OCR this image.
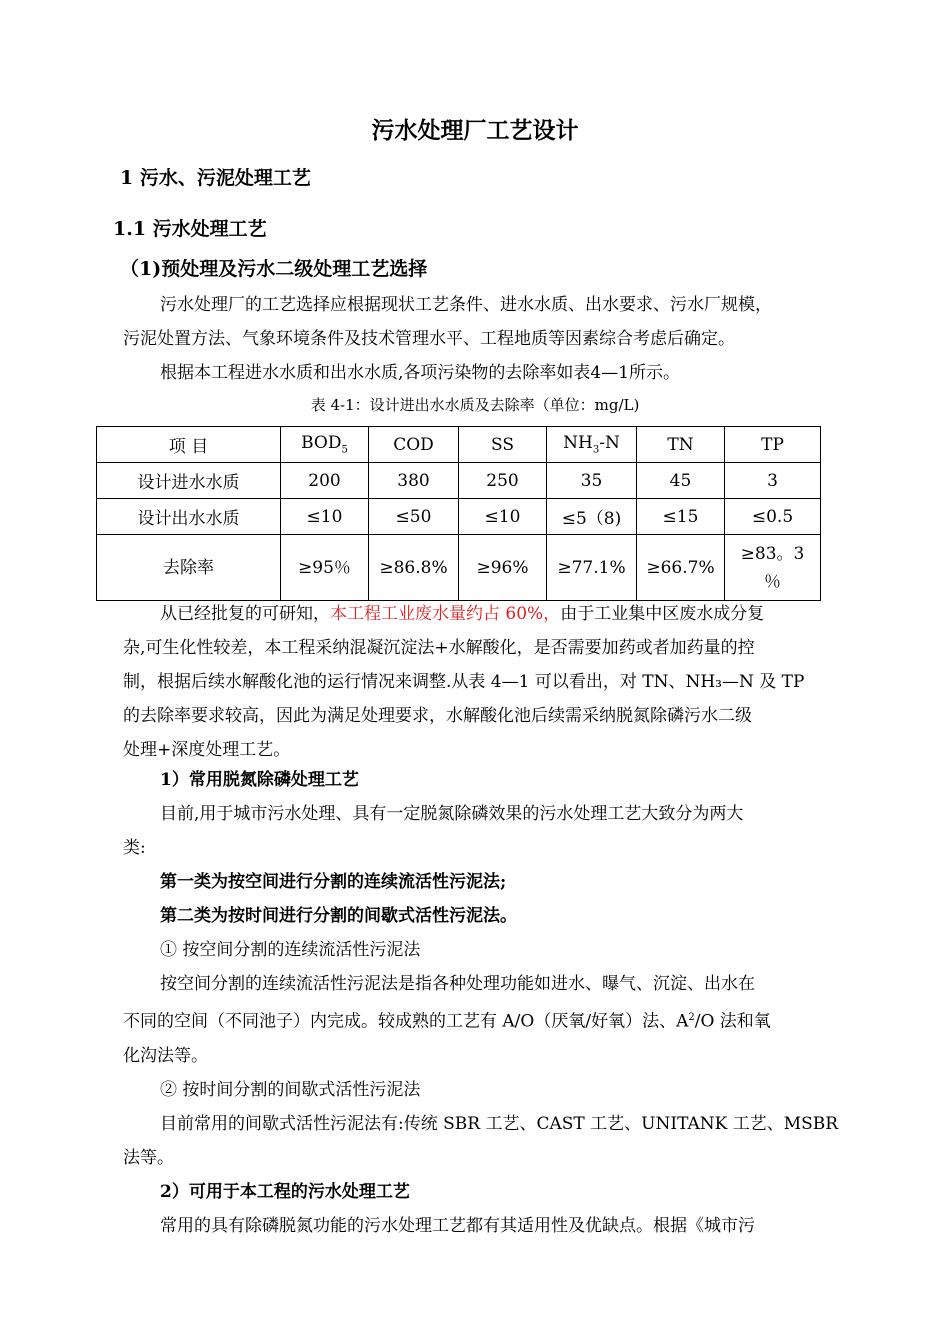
污水处理厂工艺设计
1 污水、污泥处理工艺
1.1 污水处理工艺
（1)预处理及污水二级处理工艺选择
污水处理厂的工艺选择应根据现状工艺条件、进水水质、出水要求、污水厂规模，
污泥处置方法、气象环境条件及技术管理水平、工程地质等因素综合考虑后确定。
根据本工程进水水质和出水水质,各项污染物的去除率如表4—1所示。
表 4-1：设计进出水水质及去除率（单位：mg/L)
项 目	$BOD_5$	COD	SS	$NH_3-N$	TN	TP
设计进水水质	200	380	250	35	45	3
设计出水水质	≤10	≤50	≤10	≤5（8)	≤15	≤0.5
去除率	≥95％	≥86.8%	≥96%	≥77.1%	≥66.7%	≥83。3
％
从已经批复的可研知，本工程工业废水量约占 60%，由于工业集中区废水成分复
杂,可生化性较差，本工程采纳混凝沉淀法+水解酸化，是否需要加药或者加药量的控
制，根据后续水解酸化池的运行情况来调整.从表 4—1 可以看出，对 TN、NH₃—N 及 TP
的去除率要求较高，因此为满足处理要求，水解酸化池后续需采纳脱氮除磷污水二级
处理+深度处理工艺。
1）常用脱氮除磷处理工艺
目前,用于城市污水处理、具有一定脱氮除磷效果的污水处理工艺大致分为两大
类:
第一类为按空间进行分割的连续流活性污泥法;
第二类为按时间进行分割的间歇式活性污泥法。
① 按空间分割的连续流活性污泥法
按空间分割的连续流活性污泥法是指各种处理功能如进水、曝气、沉淀、出水在
不同的空间（不同池子）内完成。较成熟的工艺有 A/O（厌氧/好氧）法、$A^2/O$ 法和氧
化沟法等。
② 按时间分割的间歇式活性污泥法
目前常用的间歇式活性污泥法有:传统 SBR 工艺、CAST 工艺、UNITANK 工艺、MSBR
法等。
2）可用于本工程的污水处理工艺
常用的具有除磷脱氮功能的污水处理工艺都有其适用性及优缺点。根据《城市污
